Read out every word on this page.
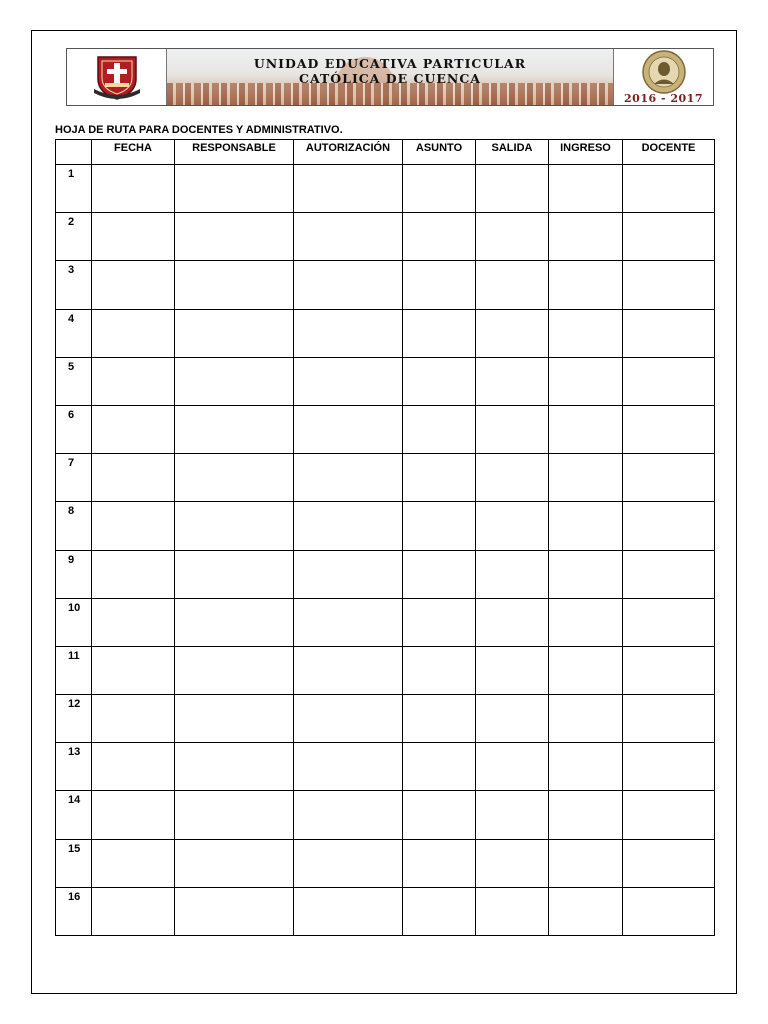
UNIDAD EDUCATIVA PARTICULAR
CATÓLICA DE CUENCA
2016 - 2017
HOJA DE RUTA PARA DOCENTES Y ADMINISTRATIVO.
	FECHA	RESPONSABLE	AUTORIZACIÓN	ASUNTO	SALIDA	INGRESO	DOCENTE
1							
2							
3							
4							
5							
6							
7							
8							
9							
10							
11							
12							
13							
14							
15							
16							
